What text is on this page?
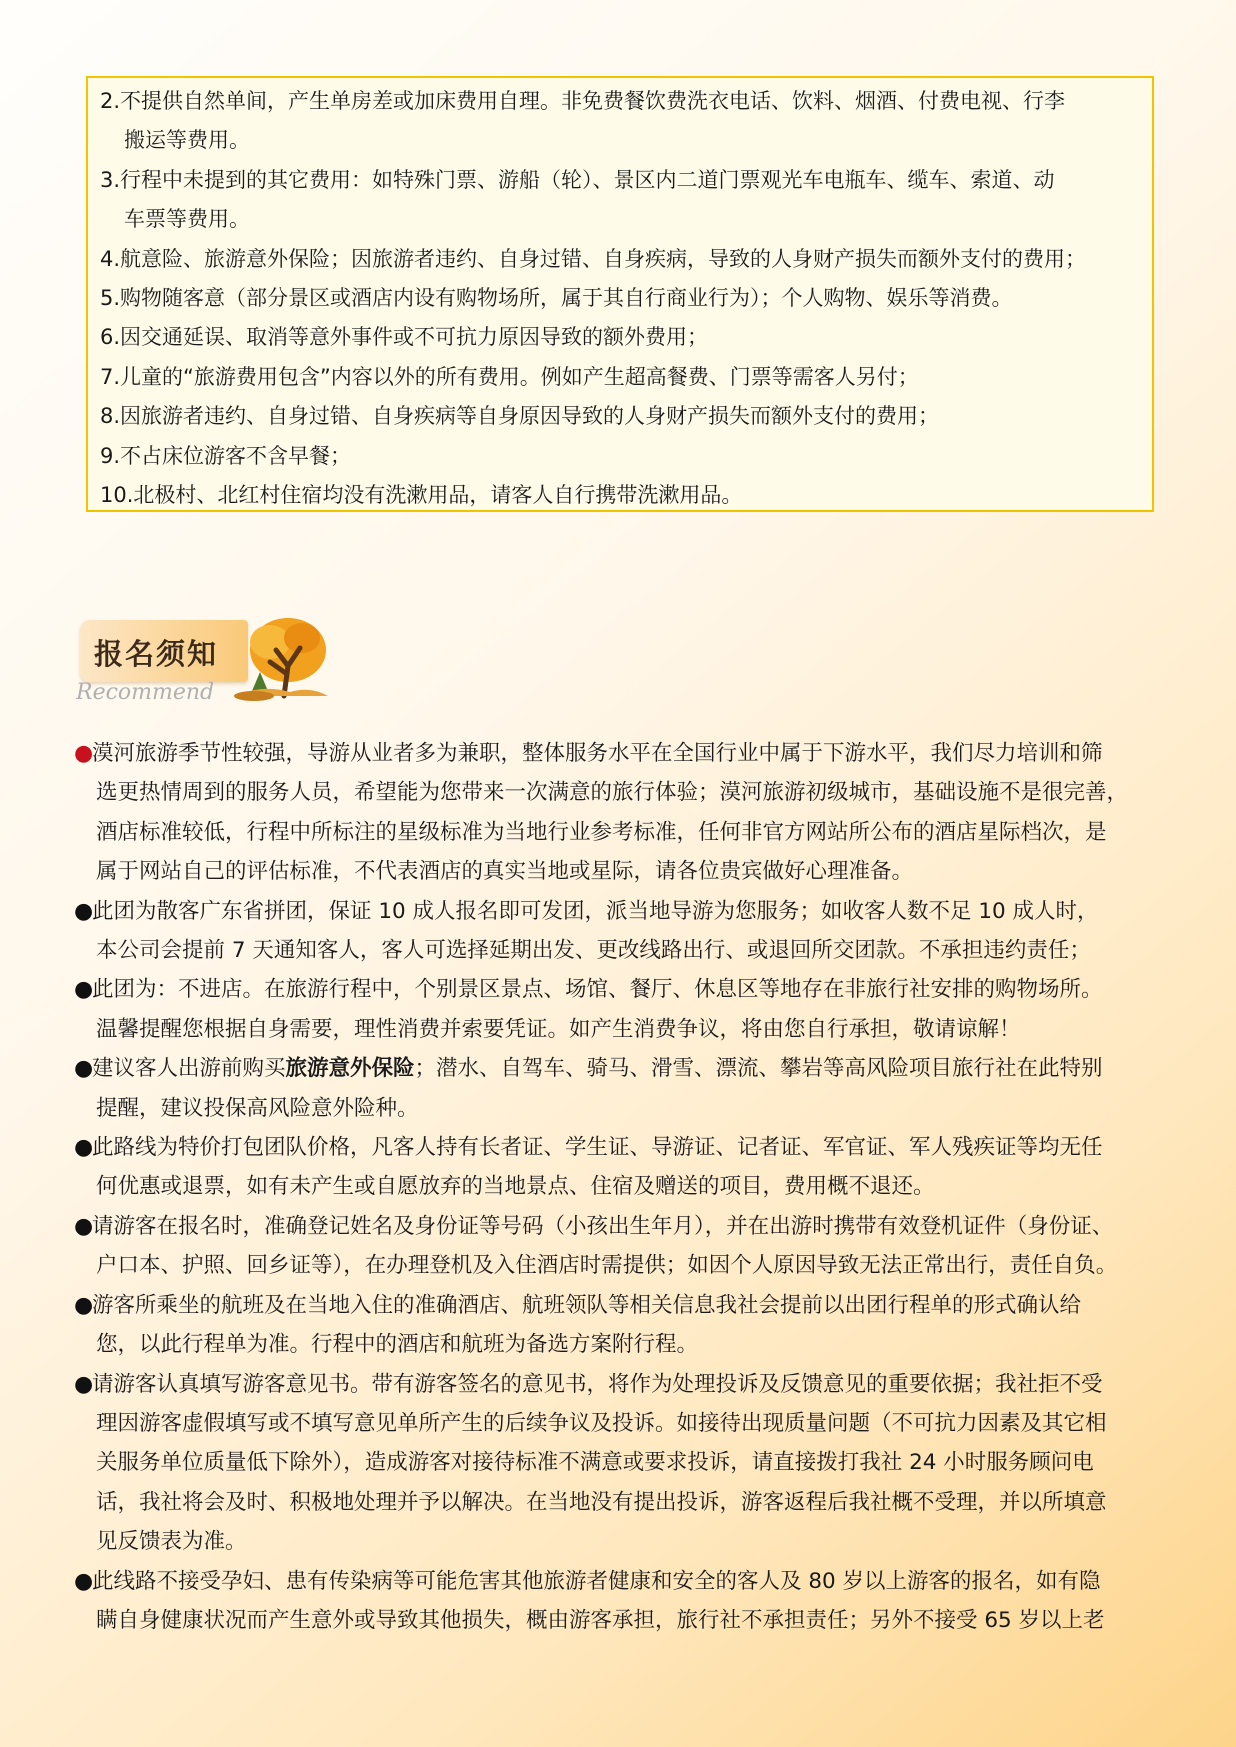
2.不提供自然单间，产生单房差或加床费用自理。非免费餐饮费洗衣电话、饮料、烟酒、付费电视、行李
搬运等费用。
3.行程中未提到的其它费用：如特殊门票、游船（轮）、景区内二道门票观光车电瓶车、缆车、索道、动
车票等费用。
4.航意险、旅游意外保险；因旅游者违约、自身过错、自身疾病，导致的人身财产损失而额外支付的费用；
5.购物随客意（部分景区或酒店内设有购物场所，属于其自行商业行为）；个人购物、娱乐等消费。
6.因交通延误、取消等意外事件或不可抗力原因导致的额外费用；
7.儿童的“旅游费用包含”内容以外的所有费用。例如产生超高餐费、门票等需客人另付；
8.因旅游者违约、自身过错、自身疾病等自身原因导致的人身财产损失而额外支付的费用；
9.不占床位游客不含早餐；
10.北极村、北红村住宿均没有洗漱用品，请客人自行携带洗漱用品。
报名须知
Recommend
●
漠河旅游季节性较强，导游从业者多为兼职，整体服务水平在全国行业中属于下游水平，我们尽力培训和筛
选更热情周到的服务人员，希望能为您带来一次满意的旅行体验；漠河旅游初级城市，基础设施不是很完善，
酒店标准较低，行程中所标注的星级标准为当地行业参考标准，任何非官方网站所公布的酒店星际档次，是
属于网站自己的评估标准，不代表酒店的真实当地或星际，请各位贵宾做好心理准备。
●
此团为散客广东省拼团，保证 10 成人报名即可发团，派当地导游为您服务；如收客人数不足 10 成人时，
本公司会提前 7 天通知客人，客人可选择延期出发、更改线路出行、或退回所交团款。不承担违约责任；
●
此团为：不进店。在旅游行程中，个别景区景点、场馆、餐厅、休息区等地存在非旅行社安排的购物场所。
温馨提醒您根据自身需要，理性消费并索要凭证。如产生消费争议，将由您自行承担，敬请谅解！
●
建议客人出游前购买旅游意外保险；潜水、自驾车、骑马、滑雪、漂流、攀岩等高风险项目旅行社在此特别
提醒，建议投保高风险意外险种。
●
此路线为特价打包团队价格，凡客人持有长者证、学生证、导游证、记者证、军官证、军人残疾证等均无任
何优惠或退票，如有未产生或自愿放弃的当地景点、住宿及赠送的项目，费用概不退还。
●
请游客在报名时，准确登记姓名及身份证等号码（小孩出生年月），并在出游时携带有效登机证件（身份证、
户口本、护照、回乡证等），在办理登机及入住酒店时需提供；如因个人原因导致无法正常出行，责任自负。
●
游客所乘坐的航班及在当地入住的准确酒店、航班领队等相关信息我社会提前以出团行程单的形式确认给
您，以此行程单为准。行程中的酒店和航班为备选方案附行程。
●
请游客认真填写游客意见书。带有游客签名的意见书，将作为处理投诉及反馈意见的重要依据；我社拒不受
理因游客虚假填写或不填写意见单所产生的后续争议及投诉。如接待出现质量问题（不可抗力因素及其它相
关服务单位质量低下除外），造成游客对接待标准不满意或要求投诉，请直接拨打我社 24 小时服务顾问电
话，我社将会及时、积极地处理并予以解决。在当地没有提出投诉，游客返程后我社概不受理，并以所填意
见反馈表为准。
●
此线路不接受孕妇、患有传染病等可能危害其他旅游者健康和安全的客人及 80 岁以上游客的报名，如有隐
瞒自身健康状况而产生意外或导致其他损失，概由游客承担，旅行社不承担责任；另外不接受 65 岁以上老
